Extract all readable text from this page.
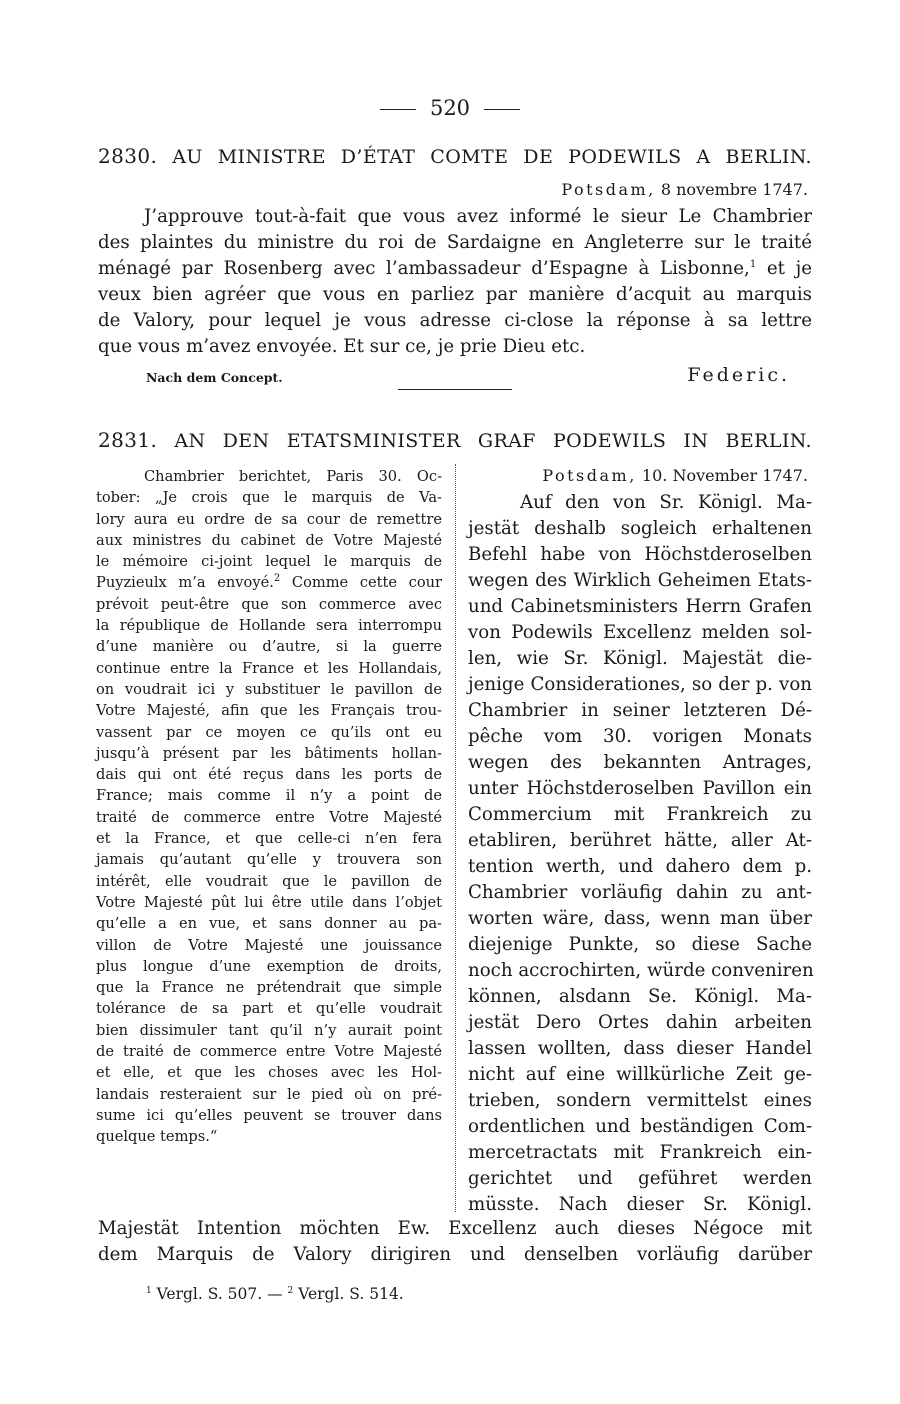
520
2830. AU MINISTRE D’ÉTAT COMTE DE PODEWILS A BERLIN.
Potsdam, 8 novembre 1747.
J’approuve tout-à-fait que vous avez informé le sieur Le Chambrier
des plaintes du ministre du roi de Sardaigne en Angleterre sur le traité
ménagé par Rosenberg avec l’ambassadeur d’Espagne à Lisbonne,$^1$ et je
veux bien agréer que vous en parliez par manière d’acquit au marquis
de Valory, pour lequel je vous adresse ci-close la réponse à sa lettre
que vous m’avez envoyée. Et sur ce, je prie Dieu etc.
Nach dem Concept.	Federic.
2831. AN DEN ETATSMINISTER GRAF PODEWILS IN BERLIN.
Chambrier berichtet, Paris 30. Oc-
tober: „Je crois que le marquis de Va-
lory aura eu ordre de sa cour de remettre
aux ministres du cabinet de Votre Majesté
le mémoire ci-joint lequel le marquis de
Puyzieulx m’a envoyé.$^2$ Comme cette cour
prévoit peut-être que son commerce avec
la république de Hollande sera interrompu
d’une manière ou d’autre, si la guerre
continue entre la France et les Hollandais,
on voudrait ici y substituer le pavillon de
Votre Majesté, afin que les Français trou-
vassent par ce moyen ce qu’ils ont eu
jusqu’à présent par les bâtiments hollan-
dais qui ont été reçus dans les ports de
France; mais comme il n’y a point de
traité de commerce entre Votre Majesté
et la France, et que celle-ci n’en fera
jamais qu’autant qu’elle y trouvera son
intérêt, elle voudrait que le pavillon de
Votre Majesté pût lui être utile dans l’objet
qu’elle a en vue, et sans donner au pa-
villon de Votre Majesté une jouissance
plus longue d’une exemption de droits,
que la France ne prétendrait que simple
tolérance de sa part et qu’elle voudrait
bien dissimuler tant qu’il n’y aurait point
de traité de commerce entre Votre Majesté
et elle, et que les choses avec les Hol-
landais resteraient sur le pied où on pré-
sume ici qu’elles peuvent se trouver dans
quelque temps.“
Potsdam, 10. November 1747.
Auf den von Sr. Königl. Ma-
jestät deshalb sogleich erhaltenen
Befehl habe von Höchstderoselben
wegen des Wirklich Geheimen Etats-
und Cabinetsministers Herrn Grafen
von Podewils Excellenz melden sol-
len, wie Sr. Königl. Majestät die-
jenige Considerationes, so der p. von
Chambrier in seiner letzteren Dé-
pêche vom 30. vorigen Monats
wegen des bekannten Antrages,
unter Höchstderoselben Pavillon ein
Commercium mit Frankreich zu
etabliren, berühret hätte, aller At-
tention werth, und dahero dem p.
Chambrier vorläufig dahin zu ant-
worten wäre, dass, wenn man über
diejenige Punkte, so diese Sache
noch accrochirten, würde conveniren
können, alsdann Se. Königl. Ma-
jestät Dero Ortes dahin arbeiten
lassen wollten, dass dieser Handel
nicht auf eine willkürliche Zeit ge-
trieben, sondern vermittelst eines
ordentlichen und beständigen Com-
mercetractats mit Frankreich ein-
gerichtet und geführet werden
müsste. Nach dieser Sr. Königl.
Majestät Intention möchten Ew. Excellenz auch dieses Négoce mit
dem Marquis de Valory dirigiren und denselben vorläufig darüber
$^1$ Vergl. S. 507. — $^2$ Vergl. S. 514.
